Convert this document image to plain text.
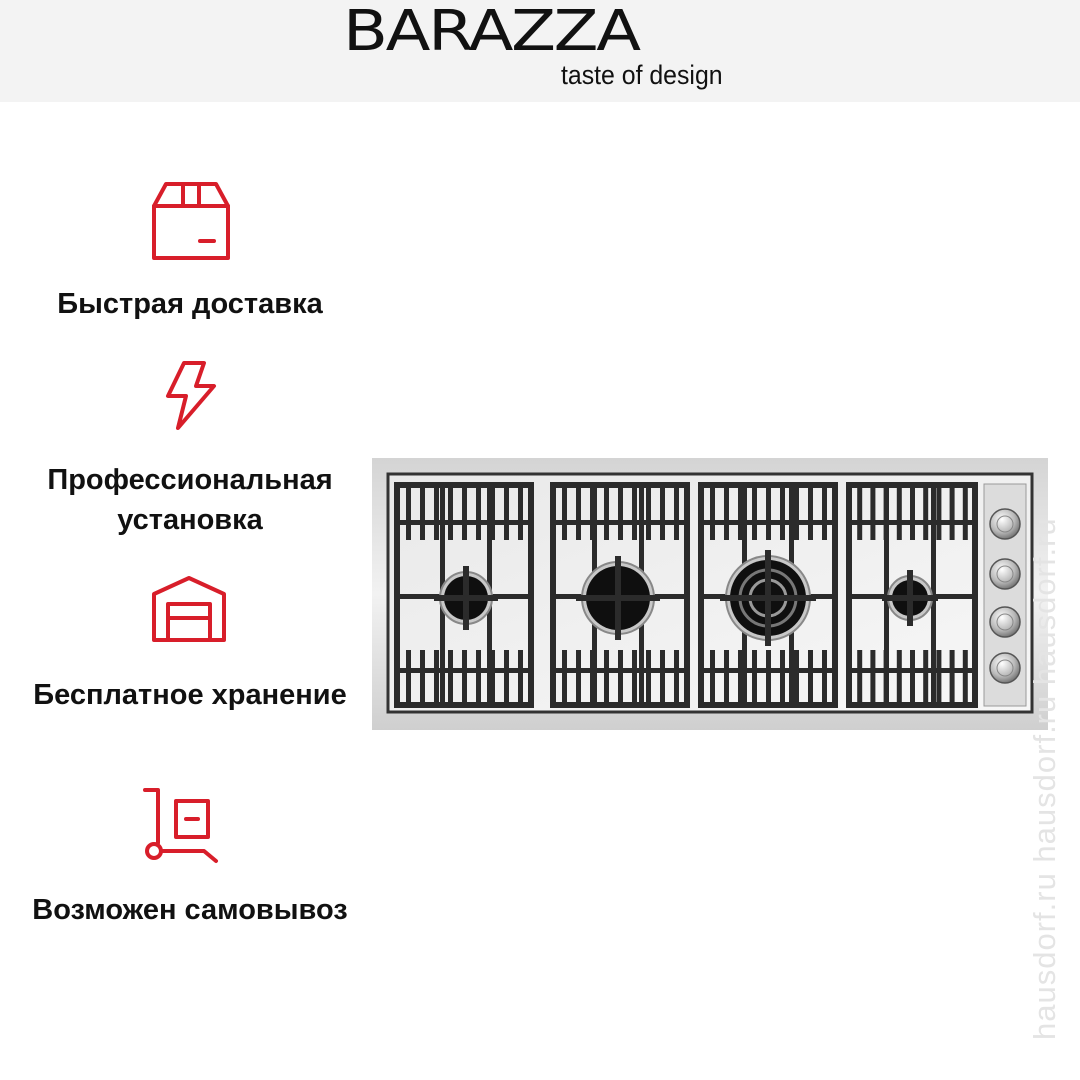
BARAZZA
taste of design
Быстрая доставка
Профессиональная установка
Бесплатное хранение
Возможен самовывоз	hausdorf.ru hausdorf.ru hausdorf.ru
